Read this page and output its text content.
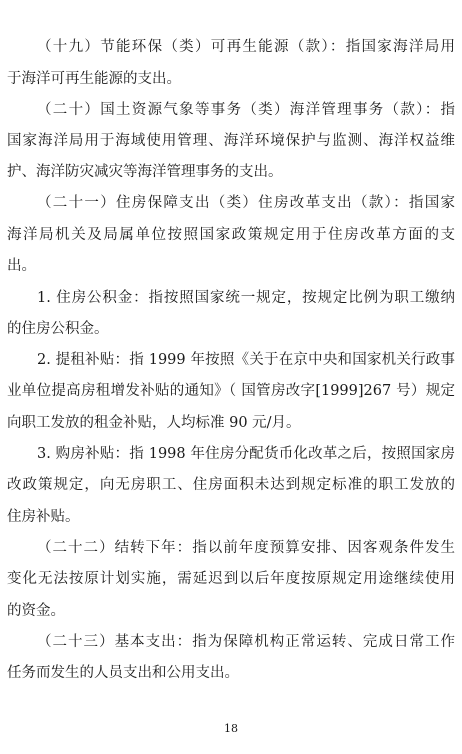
（十九）节能环保（类）可再生能源（款）：指国家海洋局用
于海洋可再生能源的支出。
（二十）国土资源气象等事务（类）海洋管理事务（款）：指
国家海洋局用于海域使用管理、海洋环境保护与监测、海洋权益维
护、海洋防灾减灾等海洋管理事务的支出。
（二十一）住房保障支出（类）住房改革支出（款）：指国家
海洋局机关及局属单位按照国家政策规定用于住房改革方面的支
出。
1. 住房公积金：指按照国家统一规定，按规定比例为职工缴纳
的住房公积金。
2. 提租补贴：指 1999 年按照《关于在京中央和国家机关行政事
业单位提高房租增发补贴的通知》（ 国管房改字[1999]267 号）规定
向职工发放的租金补贴，人均标准 90 元/月。
3. 购房补贴：指 1998 年住房分配货币化改革之后，按照国家房
改政策规定，向无房职工、住房面积未达到规定标准的职工发放的
住房补贴。
（二十二）结转下年：指以前年度预算安排、因客观条件发生
变化无法按原计划实施，需延迟到以后年度按原规定用途继续使用
的资金。
（二十三）基本支出：指为保障机构正常运转、完成日常工作
任务而发生的人员支出和公用支出。
18
